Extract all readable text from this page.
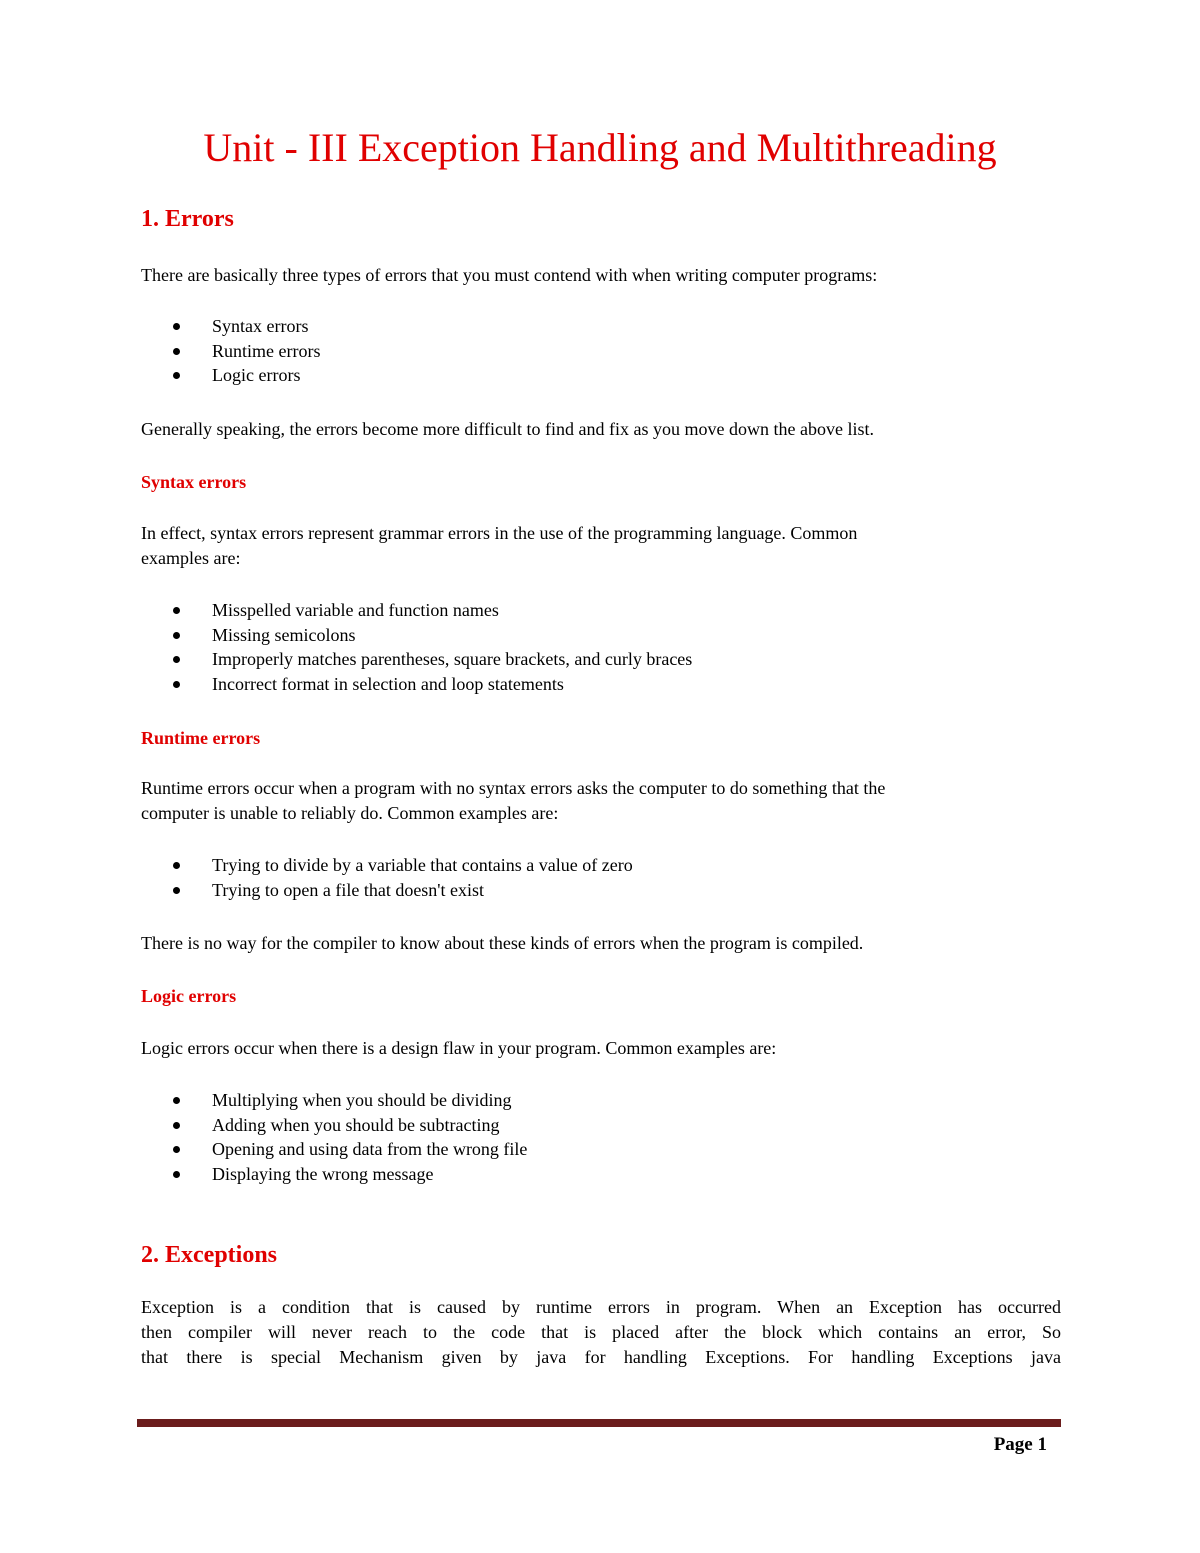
Unit - III Exception Handling and Multithreading
1. Errors

There are basically three types of errors that you must contend with when writing computer programs:

Syntax errors
Runtime errors
Logic errors

Generally speaking, the errors become more difficult to find and fix as you move down the above list.

Syntax errors

In effect, syntax errors represent grammar errors in the use of the programming language. Common
examples are:

Misspelled variable and function names
Missing semicolons
Improperly matches parentheses, square brackets, and curly braces
Incorrect format in selection and loop statements
Runtime errors

Runtime errors occur when a program with no syntax errors asks the computer to do something that the
computer is unable to reliably do. Common examples are:

Trying to divide by a variable that contains a value of zero
Trying to open a file that doesn't exist

There is no way for the compiler to know about these kinds of errors when the program is compiled.

Logic errors

Logic errors occur when there is a design flaw in your program. Common examples are:

Multiplying when you should be dividing
Adding when you should be subtracting
Opening and using data from the wrong file
Displaying the wrong message
2. Exceptions

Exception is a condition that is caused by runtime errors in program. When an Exception has occurred
then compiler will never reach to the code that is placed after the block which contains an error, So
that there is special Mechanism given by java for handling Exceptions. For handling Exceptions java

Page 1
